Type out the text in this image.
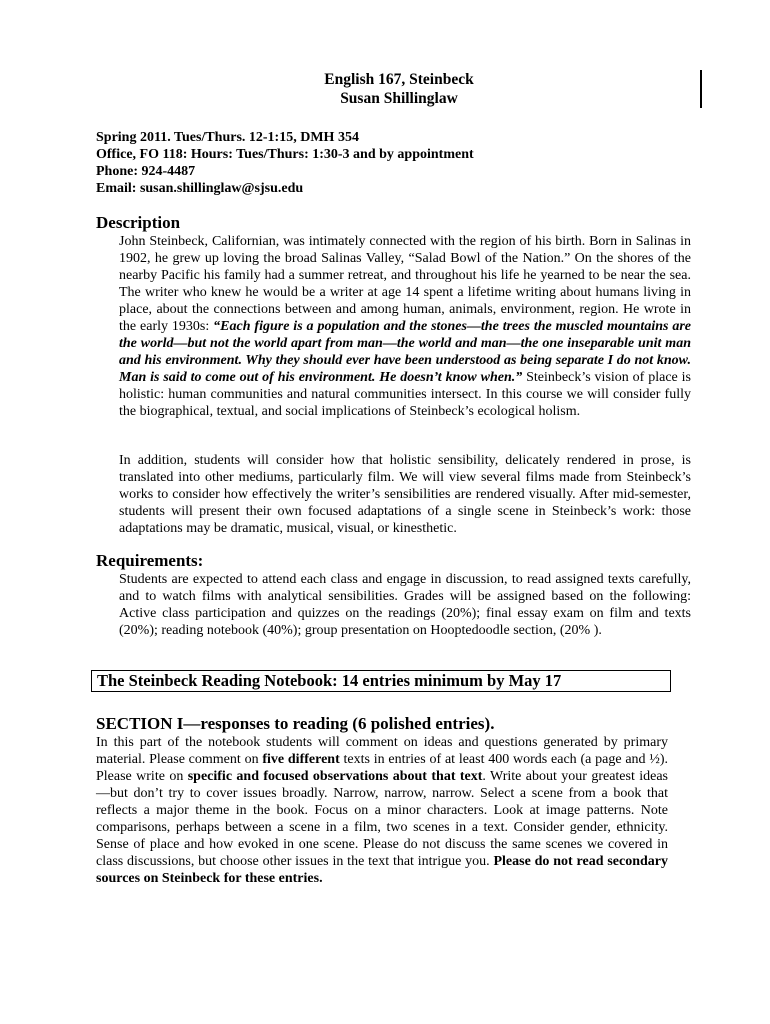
English 167, Steinbeck
Susan Shillinglaw
Spring 2011. Tues/Thurs. 12-1:15, DMH 354
Office, FO 118: Hours: Tues/Thurs: 1:30-3 and by appointment
Phone: 924-4487
Email: susan.shillinglaw@sjsu.edu
Description
John Steinbeck, Californian, was intimately connected with the region of his birth. Born in Salinas in 1902, he grew up loving the broad Salinas Valley, “Salad Bowl of the Nation.” On the shores of the nearby Pacific his family had a summer retreat, and throughout his life he yearned to be near the sea. The writer who knew he would be a writer at age 14 spent a lifetime writing about humans living in place, about the connections between and among human, animals, environment, region. He wrote in the early 1930s: “Each figure is a population and the stones—the trees the muscled mountains are the world—but not the world apart from man—the world and man—the one inseparable unit man and his environment. Why they should ever have been understood as being separate I do not know. Man is said to come out of his environment. He doesn’t know when.” Steinbeck’s vision of place is holistic: human communities and natural communities intersect. In this course we will consider fully the biographical, textual, and social implications of Steinbeck’s ecological holism.
In addition, students will consider how that holistic sensibility, delicately rendered in prose, is translated into other mediums, particularly film. We will view several films made from Steinbeck’s works to consider how effectively the writer’s sensibilities are rendered visually. After mid-semester, students will present their own focused adaptations of a single scene in Steinbeck’s work: those adaptations may be dramatic, musical, visual, or kinesthetic.
Requirements:
Students are expected to attend each class and engage in discussion, to read assigned texts carefully, and to watch films with analytical sensibilities. Grades will be assigned based on the following: Active class participation and quizzes on the readings (20%); final essay exam on film and texts (20%); reading notebook (40%); group presentation on Hooptedoodle section, (20% ).
The Steinbeck Reading Notebook: 14 entries minimum by May 17
SECTION I—responses to reading (6 polished entries).
In this part of the notebook students will comment on ideas and questions generated by primary material. Please comment on five different texts in entries of at least 400 words each (a page and ½). Please write on specific and focused observations about that text. Write about your greatest ideas—but don’t try to cover issues broadly. Narrow, narrow, narrow. Select a scene from a book that reflects a major theme in the book. Focus on a minor characters. Look at image patterns. Note comparisons, perhaps between a scene in a film, two scenes in a text. Consider gender, ethnicity. Sense of place and how evoked in one scene. Please do not discuss the same scenes we covered in class discussions, but choose other issues in the text that intrigue you. Please do not read secondary sources on Steinbeck for these entries.
